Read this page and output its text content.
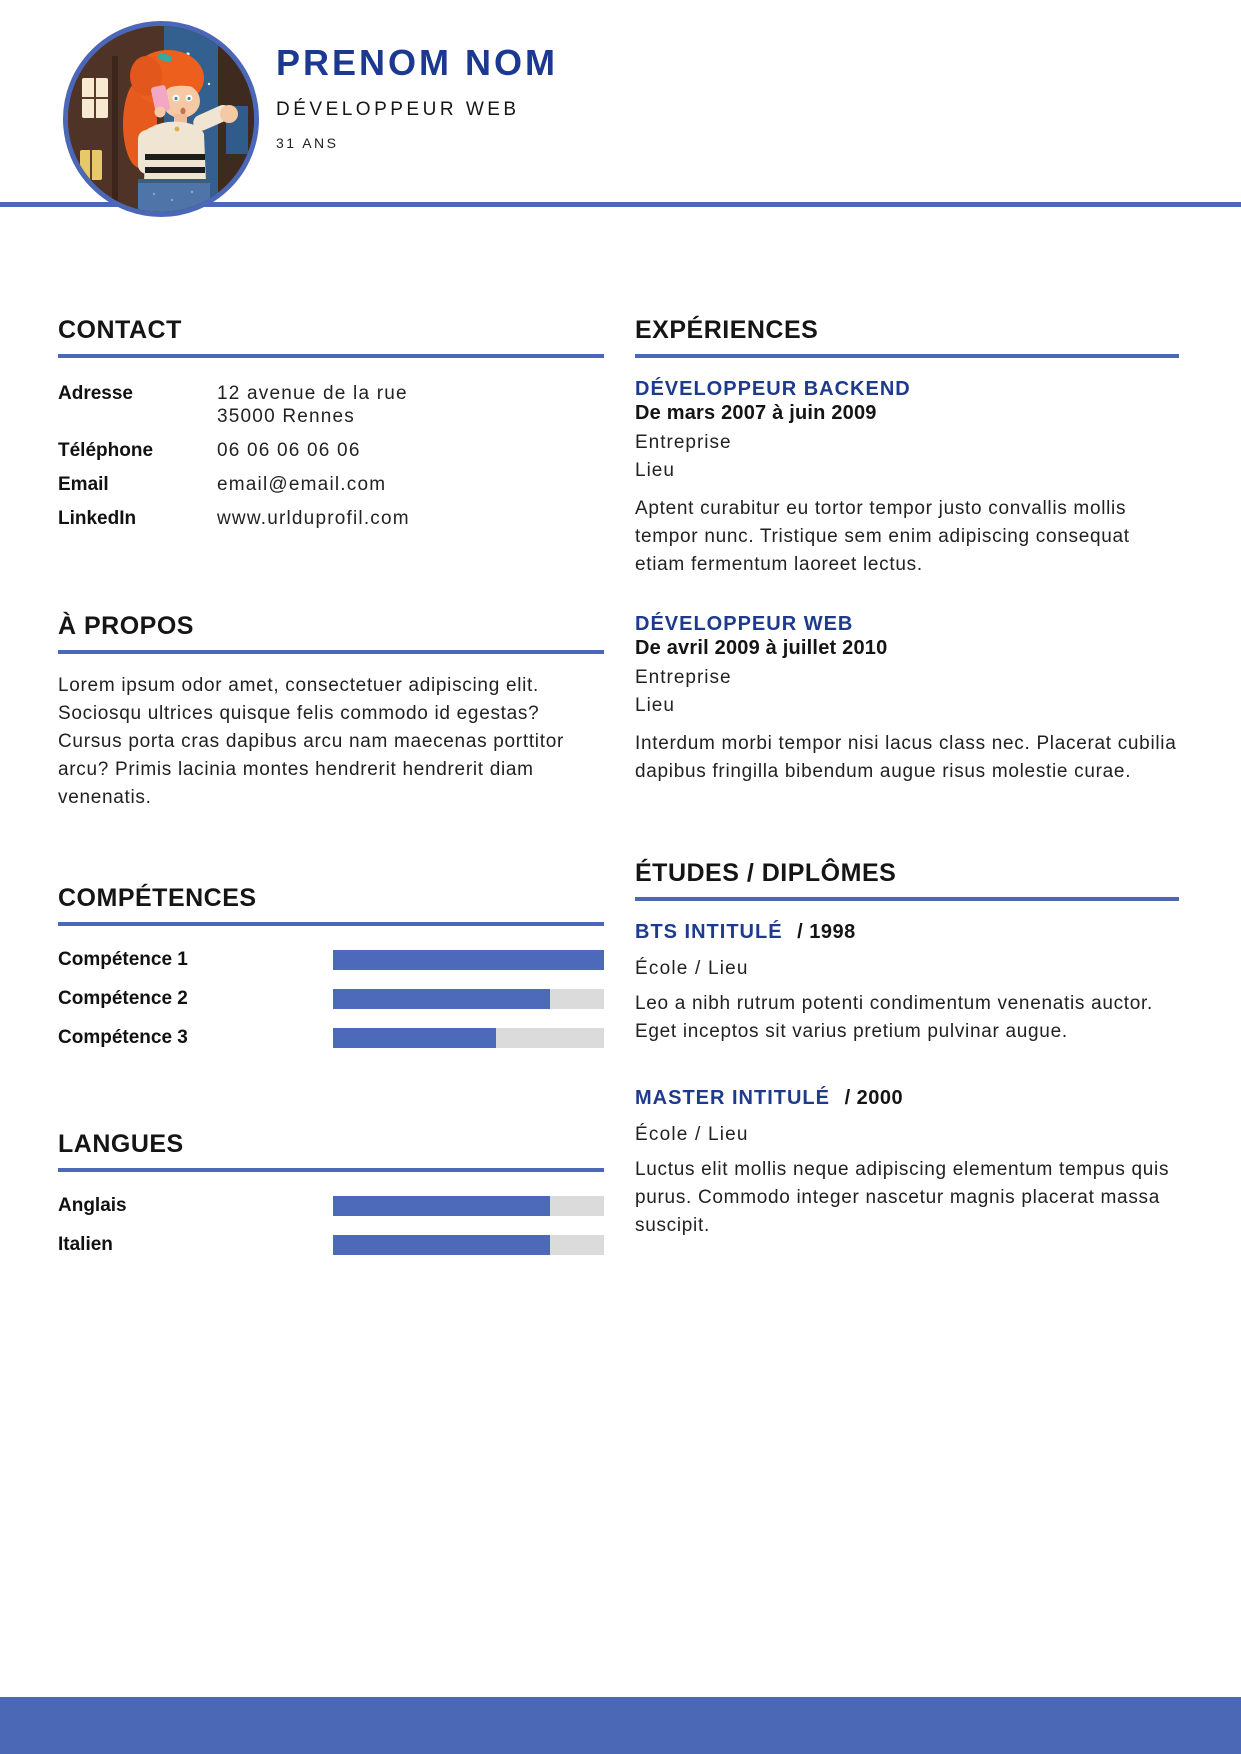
PRENOM NOM
DÉVELOPPEUR WEB
31 ANS
CONTACT
Adresse	12 avenue de la rue
35000 Rennes
Téléphone	06 06 06 06 06
Email	email@email.com
LinkedIn	www.urlduprofil.com
À PROPOS
Lorem ipsum odor amet, consectetuer adipiscing elit. Sociosqu ultrices quisque felis commodo id egestas? Cursus porta cras dapibus arcu nam maecenas porttitor arcu? Primis lacinia montes hendrerit hendrerit diam venenatis.
COMPÉTENCES
Compétence 1
Compétence 2
Compétence 3
LANGUES
Anglais
Italien
EXPÉRIENCES
DÉVELOPPEUR BACKEND
De mars 2007 à juin 2009
Entreprise
Lieu
Aptent curabitur eu tortor tempor justo convallis mollis tempor nunc. Tristique sem enim adipiscing consequat etiam fermentum laoreet lectus.
DÉVELOPPEUR WEB
De avril 2009 à juillet 2010
Entreprise
Lieu
Interdum morbi tempor nisi lacus class nec. Placerat cubilia dapibus fringilla bibendum augue risus molestie curae.
ÉTUDES / DIPLÔMES
BTS INTITULÉ / 1998
École / Lieu
Leo a nibh rutrum potenti condimentum venenatis auctor. Eget inceptos sit varius pretium pulvinar augue.
MASTER INTITULÉ / 2000
École / Lieu
Luctus elit mollis neque adipiscing elementum tempus quis purus. Commodo integer nascetur magnis placerat massa suscipit.
